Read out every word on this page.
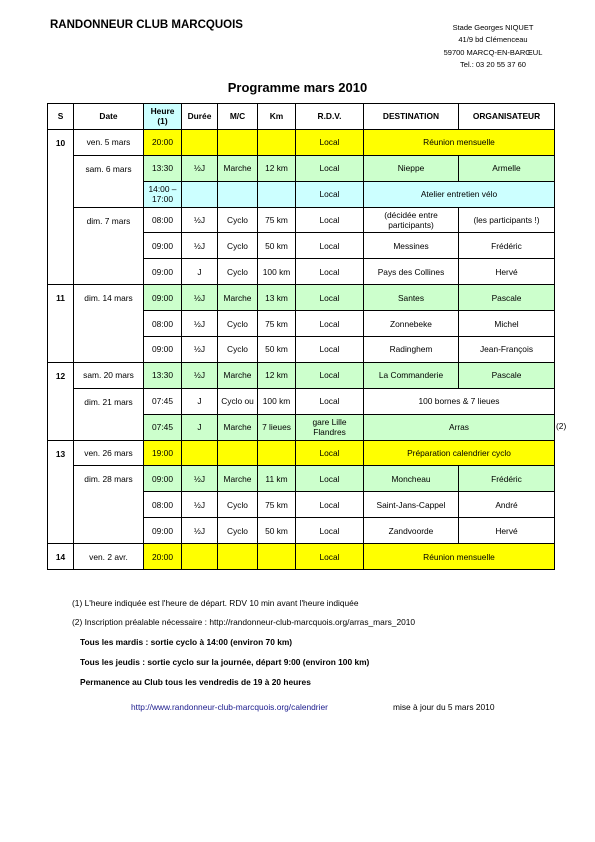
RANDONNEUR CLUB MARCQUOIS	Stade Georges NIQUET
41/9 bd Clémenceau
59700 MARCQ-EN-BARŒUL
Tel.: 03 20 55 37 60
Programme mars 2010
S	Date	Heure (1)	Durée	M/C	Km	R.D.V.	DESTINATION	ORGANISATEUR
10	ven. 5 mars	20:00				Local	Réunion mensuelle	
	sam. 6 mars	13:30	½J	Marche	12 km	Local	Nieppe	Armelle
		14:00 – 17:00				Local	Atelier entretien vélo	
	dim. 7 mars	08:00	½J	Cyclo	75 km	Local	(décidée entre participants)	(les participants !)
		09:00	½J	Cyclo	50 km	Local	Messines	Frédéric
		09:00	J	Cyclo	100 km	Local	Pays des Collines	Hervé
11	dim. 14 mars	09:00	½J	Marche	13 km	Local	Santes	Pascale
		08:00	½J	Cyclo	75 km	Local	Zonnebeke	Michel
		09:00	½J	Cyclo	50 km	Local	Radinghem	Jean-François
12	sam. 20 mars	13:30	½J	Marche	12 km	Local	La Commanderie	Pascale
	dim. 21 mars	07:45	J	Cyclo ou	100 km	Local	100 bornes & 7 lieues	
		07:45	J	Marche	7 lieues	gare Lille Flandres	Arras	
13	ven. 26 mars	19:00				Local	Préparation calendrier cyclo	
	dim. 28 mars	09:00	½J	Marche	11 km	Local	Moncheau	Frédéric
		08:00	½J	Cyclo	75 km	Local	Saint-Jans-Cappel	André
		09:00	½J	Cyclo	50 km	Local	Zandvoorde	Hervé
14	ven. 2 avr.	20:00				Local	Réunion mensuelle	
(2)
(1) L'heure indiquée est l'heure de départ. RDV 10 min avant l'heure indiquée
(2) Inscription préalable nécessaire : http://randonneur-club-marcquois.org/arras_mars_2010
Tous les mardis : sortie cyclo à 14:00 (environ 70 km)
Tous les jeudis : sortie cyclo sur la journée, départ 9:00 (environ 100 km)
Permanence au Club tous les vendredis de 19 à 20 heures
http://www.randonneur-club-marcquois.org/calendrier	mise à jour du 5 mars 2010
